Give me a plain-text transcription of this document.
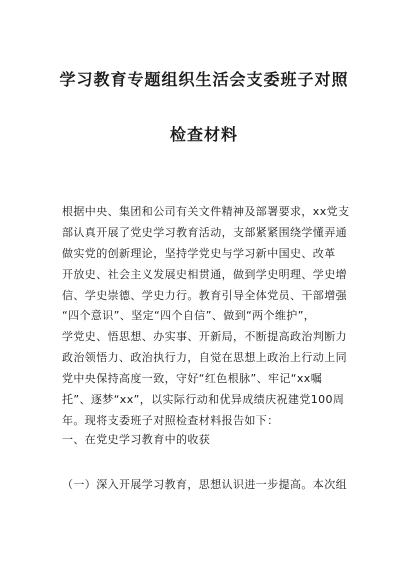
学习教育专题组织生活会支委班子对照
检查材料
根据中央、集团和公司有关文件精神及部署要求，xx党支
部认真开展了党史学习教育活动，支部紧紧围绕学懂弄通
做实党的创新理论，坚持学党史与学习新中国史、改革
开放史、社会主义发展史相贯通，做到学史明理、学史增
信、学史崇德、学史力行。教育引导全体党员、干部增强
“四个意识”、坚定“四个自信”、做到“两个维护”，
学党史、悟思想、办实事、开新局，不断提高政治判断力
政治领悟力、政治执行力，自觉在思想上政治上行动上同
党中央保持高度一致，守好“红色根脉”、牢记“xx嘱
托”、逐梦“xx”，以实际行动和优异成绩庆祝建党100周
年。现将支委班子对照检查材料报告如下：
一、在党史学习教育中的收获
（一）深入开展学习教育，思想认识进一步提高。本次组
